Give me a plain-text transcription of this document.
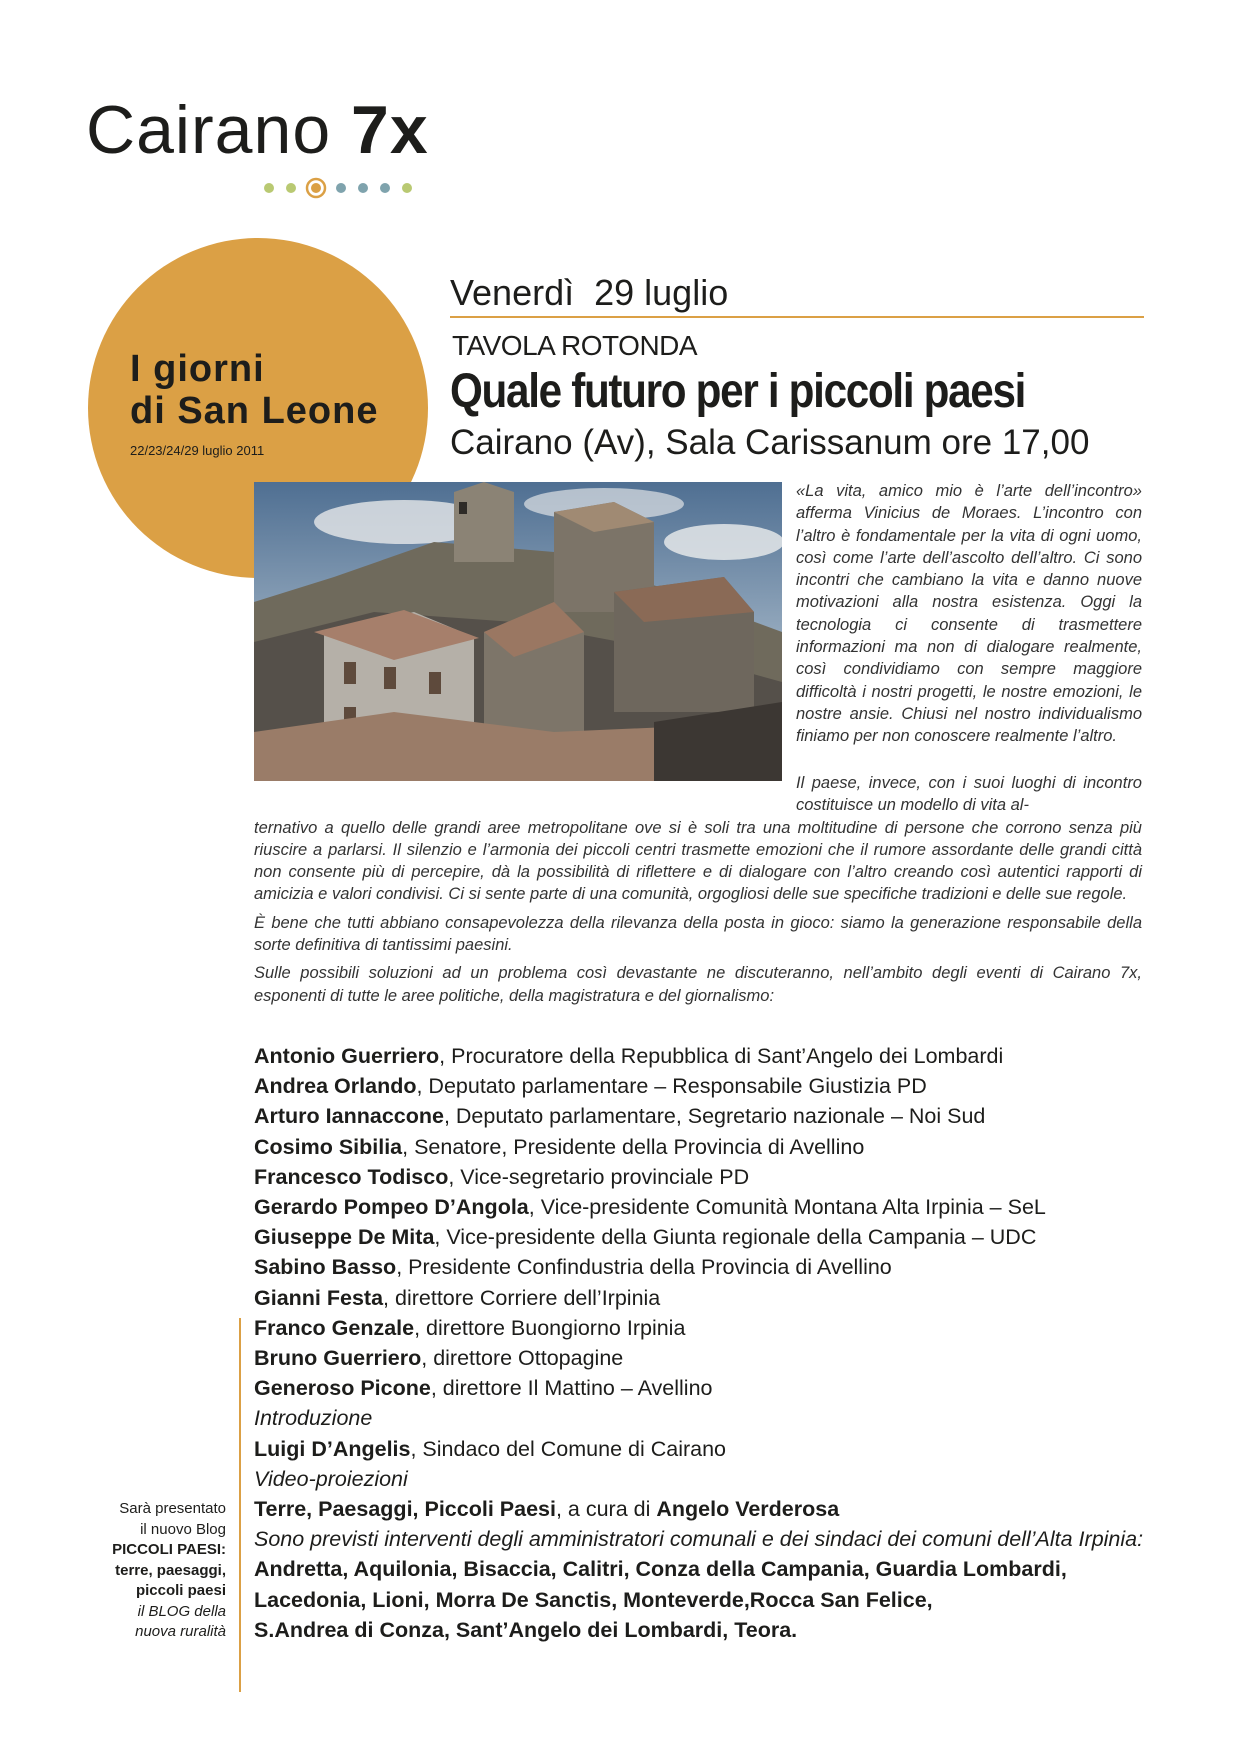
Cairano 7x
I giorni
di San Leone
22/23/24/29 luglio 2011
Venerdì  29 luglio
TAVOLA ROTONDA
Quale futuro per i piccoli paesi
Cairano (Av), Sala Carissanum ore 17,00
«La vita, amico mio è l’arte dell’incontro» afferma Vinicius de Moraes. L’incontro con l’altro è fondamentale per la vita di ogni uomo, così come l’arte dell’ascolto dell’altro. Ci sono incontri che cambiano la vita e danno nuove motivazioni alla nostra esistenza. Oggi la tecnologia ci consente di trasmettere informazioni ma non di dialogare realmente, così condividiamo con sempre maggiore difficoltà i nostri progetti, le nostre emozioni, le nostre ansie. Chiusi nel nostro individualismo finiamo per non conoscere realmente l’altro.

Il paese, invece, con i suoi luoghi di incontro costituisce un modello di vita al-
ternativo a quello delle grandi aree metropolitane ove si è soli tra una moltitudine di persone che corrono senza più riuscire a parlarsi. Il silenzio e l’armonia dei piccoli centri trasmette emozioni che il rumore assordante delle grandi città non consente più di percepire, dà la possibilità di riflettere e di dialogare con l’altro creando così autentici rapporti di amicizia e valori condivisi. Ci si sente parte di una comunità, orgogliosi delle sue specifiche tradizioni e delle sue regole.

È bene che tutti abbiano consapevolezza della rilevanza della posta in gioco: siamo la generazione responsabile della sorte definitiva di tantissimi paesini.

Sulle possibili soluzioni ad un problema così devastante ne discuteranno, nell’ambito degli eventi di Cairano 7x, esponenti di tutte le aree politiche, della magistratura e del giornalismo:

Antonio Guerriero, Procuratore della Repubblica di Sant’Angelo dei Lombardi
Andrea Orlando, Deputato parlamentare – Responsabile Giustizia PD
Arturo Iannaccone, Deputato parlamentare, Segretario nazionale – Noi Sud
Cosimo Sibilia, Senatore, Presidente della Provincia di Avellino
Francesco Todisco, Vice-segretario provinciale PD
Gerardo Pompeo D’Angola, Vice-presidente Comunità Montana Alta Irpinia – SeL
Giuseppe De Mita, Vice-presidente della Giunta regionale della Campania – UDC
Sabino Basso, Presidente Confindustria della Provincia di Avellino
Gianni Festa, direttore Corriere dell’Irpinia
Franco Genzale, direttore Buongiorno Irpinia
Bruno Guerriero, direttore Ottopagine
Generoso Picone, direttore Il Mattino – Avellino
Introduzione
Luigi D’Angelis, Sindaco del Comune di Cairano
Video-proiezioni
Terre, Paesaggi, Piccoli Paesi, a cura di Angelo Verderosa
Sono previsti interventi degli amministratori comunali e dei sindaci dei comuni dell’Alta Irpinia:
Andretta, Aquilonia, Bisaccia, Calitri, Conza della Campania, Guardia Lombardi,
Lacedonia, Lioni, Morra De Sanctis, Monteverde,Rocca San Felice,
S.Andrea di Conza, Sant’Angelo dei Lombardi, Teora.
Sarà presentato
il nuovo Blog
PICCOLI PAESI:
terre, paesaggi,
piccoli paesi
il BLOG della
nuova ruralità
